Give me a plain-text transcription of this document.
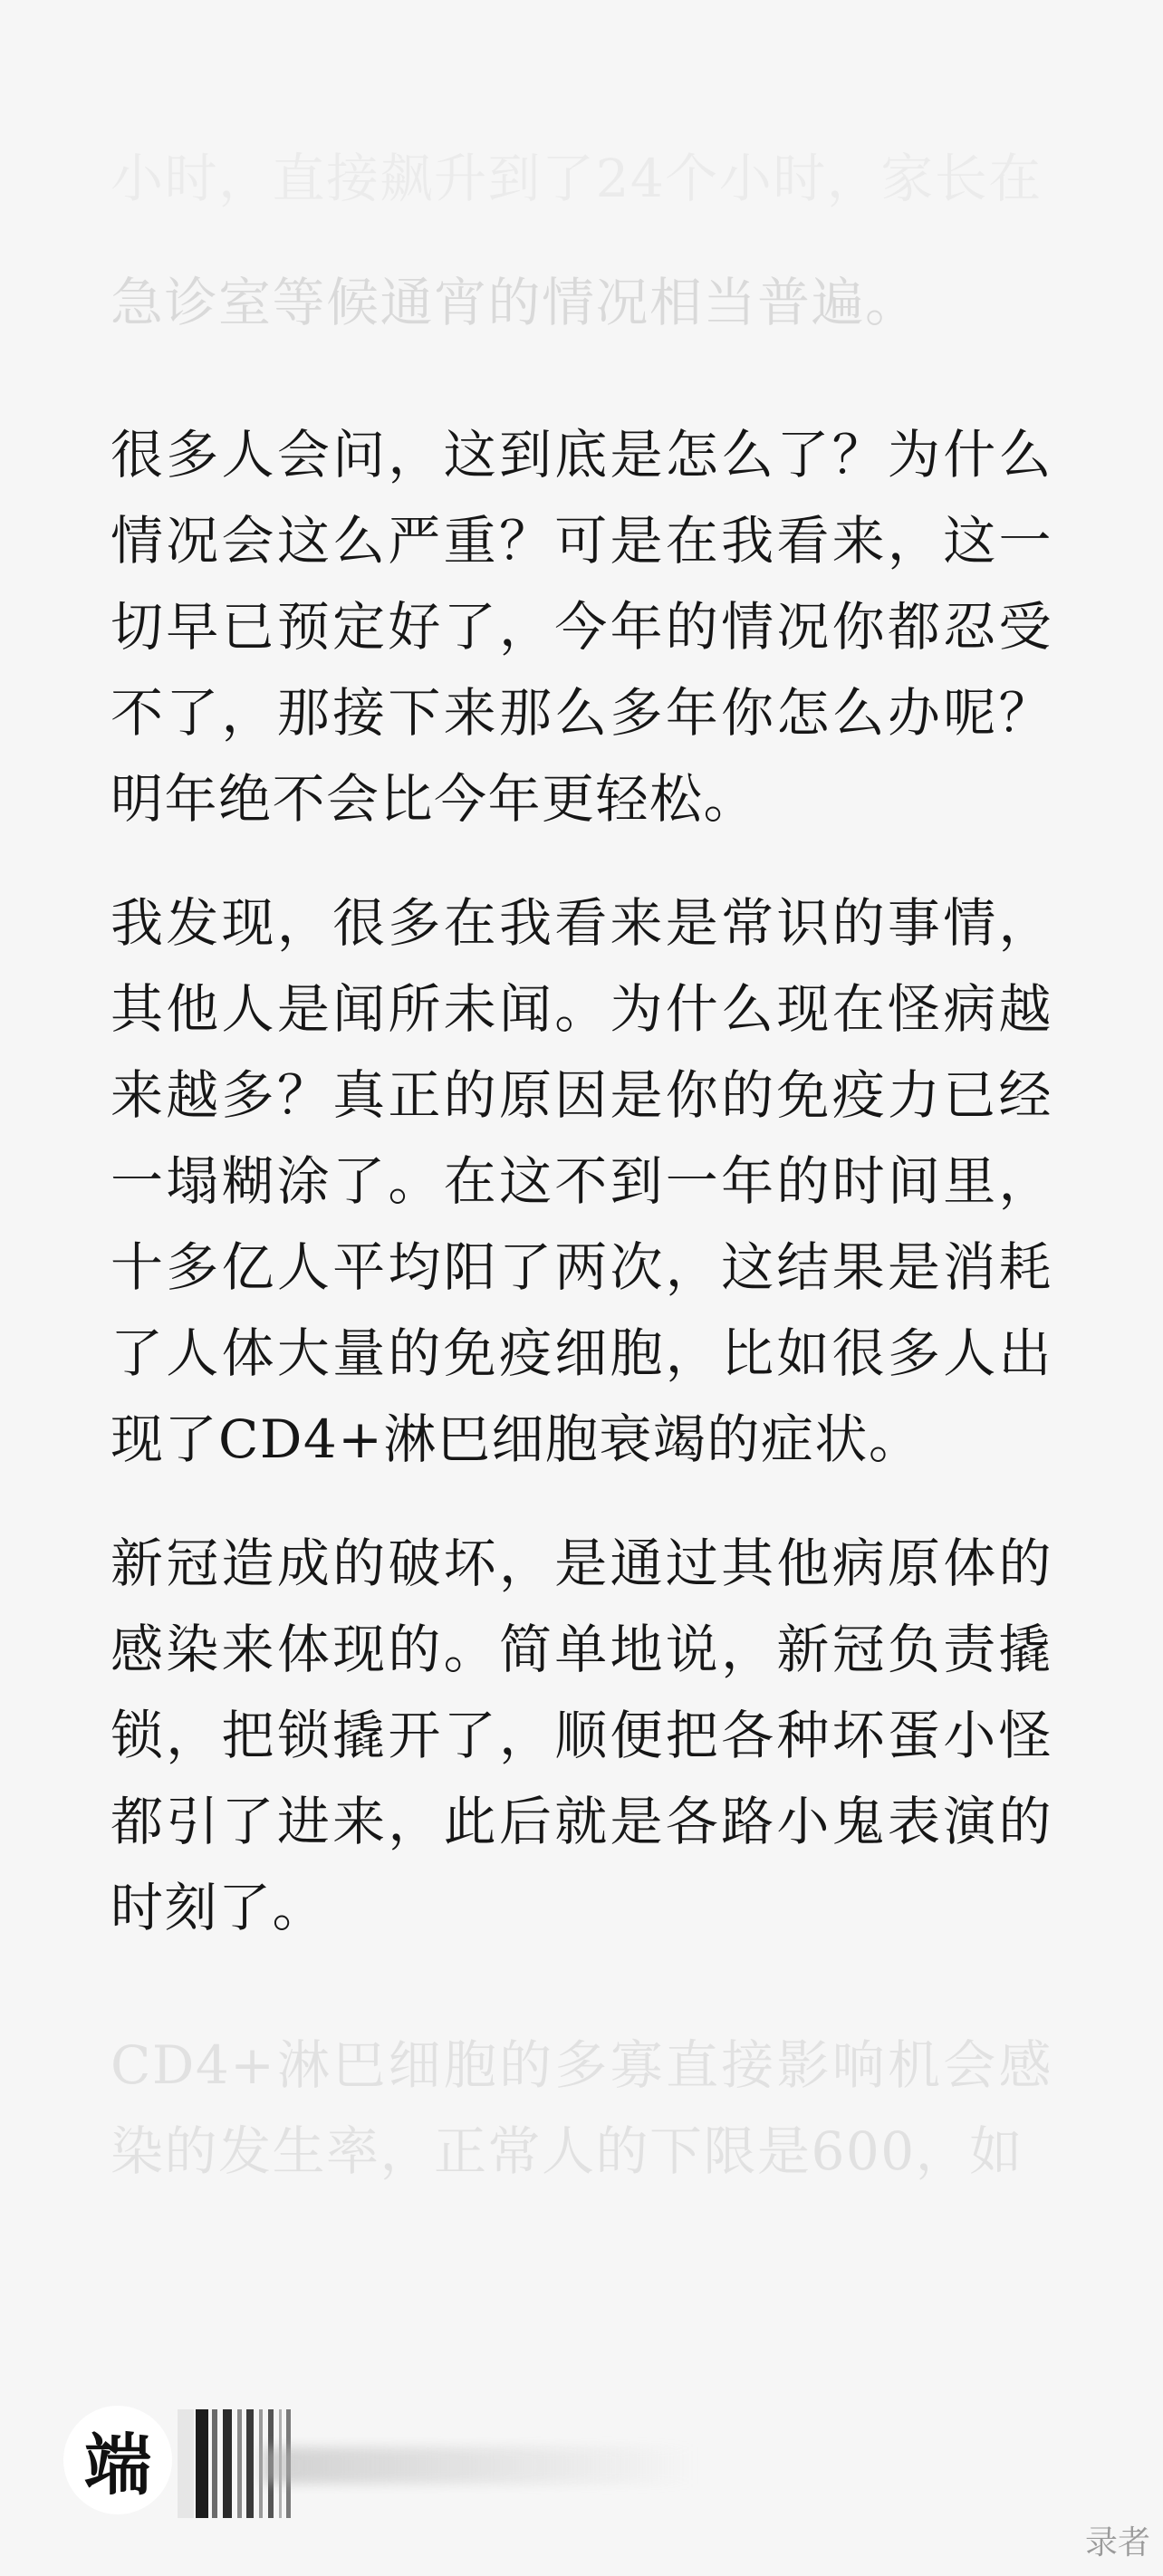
小时，直接飙升到了24个小时，家长在

急诊室等候通宵的情况相当普遍。

很多人会问，这到底是怎么了？为什么情况会这么严重？可是在我看来，这一切早已预定好了，今年的情况你都忍受不了，那接下来那么多年你怎么办呢？明年绝不会比今年更轻松。

我发现，很多在我看来是常识的事情，其他人是闻所未闻。为什么现在怪病越来越多？真正的原因是你的免疫力已经一塌糊涂了。在这不到一年的时间里，十多亿人平均阳了两次，这结果是消耗了人体大量的免疫细胞，比如很多人出现了CD4+淋巴细胞衰竭的症状。

新冠造成的破坏，是通过其他病原体的感染来体现的。简单地说，新冠负责撬锁，把锁撬开了，顺便把各种坏蛋小怪都引了进来，此后就是各路小鬼表演的时刻了。

CD4+淋巴细胞的多寡直接影响机会感染的发生率，正常人的下限是600，如

端
录者
